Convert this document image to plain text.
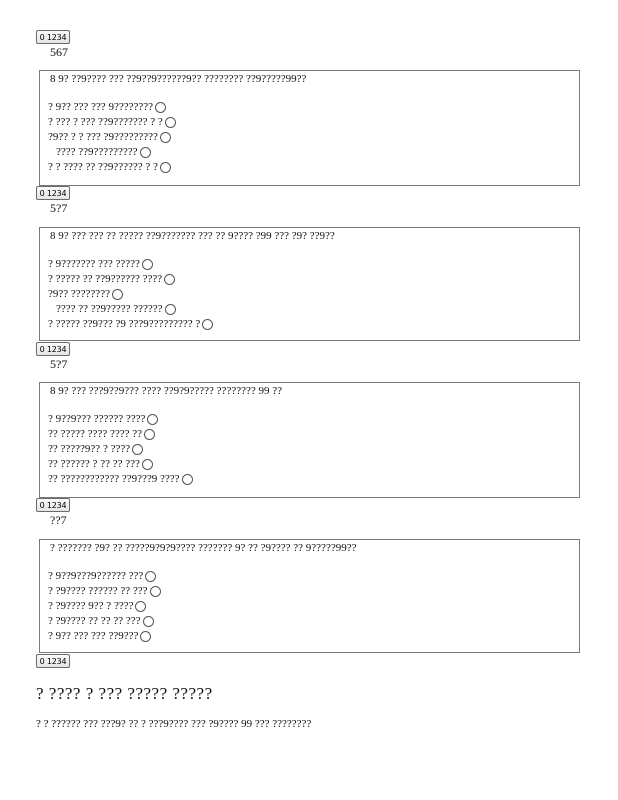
0 1234
567
8 9? ??9???? ??? ??9??9??????9?? ???????? ??9?????99??
? 9?? ??? ??? 9????????
? ??? ? ??? ??9??????? ? ?
?9?? ? ? ??? ?9?????????
???? ??9?????????
? ? ???? ?? ??9?????? ? ?
0 1234
5?7
8 9? ??? ??? ?? ????? ??9??????? ??? ?? 9???? ?99 ??? ?9? ??9??
? 9??????? ??? ?????
? ????? ?? ??9?????? ????
?9?? ????????
???? ?? ??9????? ??????
? ????? ??9??? ?9 ???9????????? ?
0 1234
5?7
8 9? ??? ???9??9??? ???? ??9?9????? ???????? 99 ??
? 9??9??? ?????? ????
?? ????? ???? ???? ??
?? ?????9?? ? ????
?? ?????? ? ?? ?? ???
?? ???????????? ??9???9 ????
0 1234
??7
? ??????? ?9? ?? ?????9?9?9???? ??????? 9? ?? ?9???? ?? 9?????99??
? 9??9???9?????? ???
? ?9???? ?????? ?? ???
? ?9???? 9?? ? ????
? ?9???? ?? ?? ?? ???
? 9?? ??? ??? ??9???
0 1234
? ???? ? ??? ????? ?????
? ? ?????? ??? ???9? ?? ? ???9???? ??? ?9???? 99 ??? ????????
